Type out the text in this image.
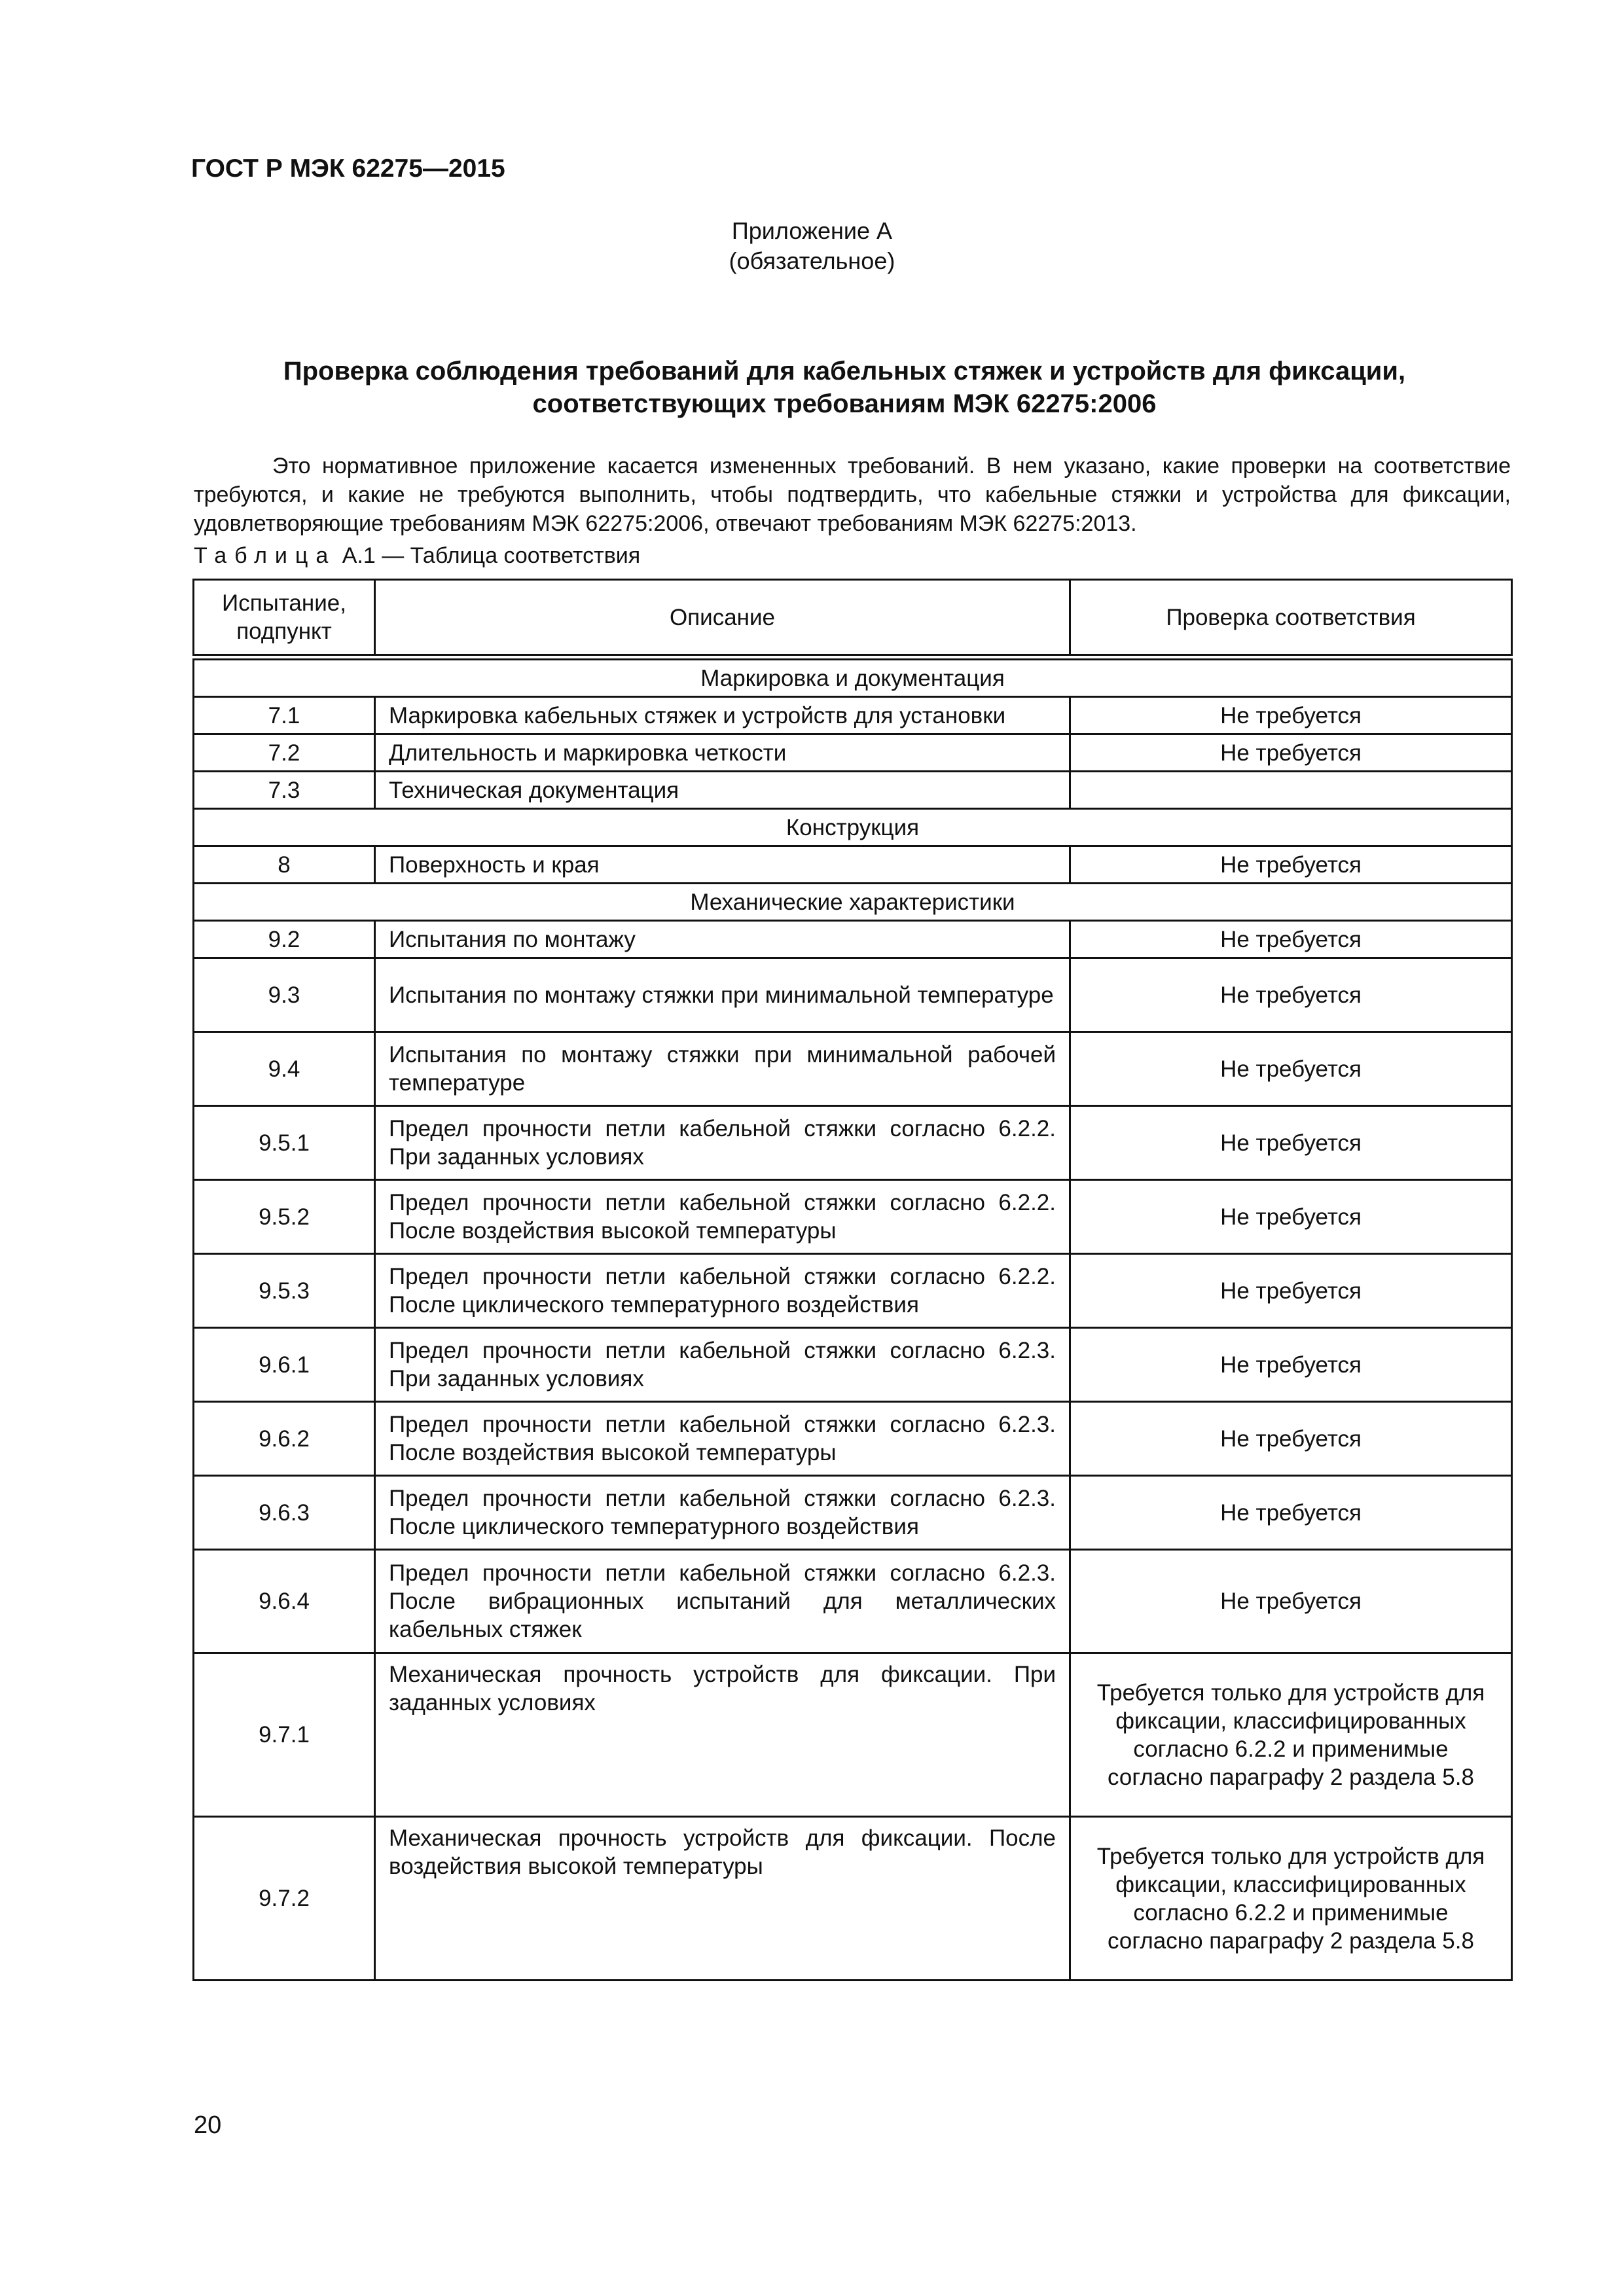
ГОСТ Р МЭК 62275—2015
Приложение А
(обязательное)
Проверка соблюдения требований для кабельных стяжек и устройств для фиксации,
соответствующих требованиям МЭК 62275:2006
Это нормативное приложение касается измененных требований. В нем указано, какие проверки на соответствие требуются, и какие не требуются выполнить, чтобы подтвердить, что кабельные стяжки и устройства для фиксации, удовлетворяющие требованиям МЭК 62275:2006, отвечают требованиям МЭК 62275:2013.
Таблица А.1 — Таблица соответствия
Испытание, подпункт	Описание	Проверка соответствия

Маркировка и документация		
7.1	Маркировка кабельных стяжек и устройств для установки	Не требуется
7.2	Длительность и маркировка четкости	Не требуется
7.3	Техническая документация	
Конструкция		
8	Поверхность и края	Не требуется
Механические характеристики		
9.2	Испытания по монтажу	Не требуется
9.3	Испытания по монтажу стяжки при минимальной температуре	Не требуется
9.4	Испытания по монтажу стяжки при минимальной рабочей температуре	Не требуется
9.5.1	Предел прочности петли кабельной стяжки согласно 6.2.2. При заданных условиях	Не требуется
9.5.2	Предел прочности петли кабельной стяжки согласно 6.2.2. После воздействия высокой температуры	Не требуется
9.5.3	Предел прочности петли кабельной стяжки согласно 6.2.2. После циклического температурного воздействия	Не требуется
9.6.1	Предел прочности петли кабельной стяжки согласно 6.2.3. При заданных условиях	Не требуется
9.6.2	Предел прочности петли кабельной стяжки согласно 6.2.3. После воздействия высокой температуры	Не требуется
9.6.3	Предел прочности петли кабельной стяжки согласно 6.2.3. После циклического температурного воздействия	Не требуется
9.6.4	Предел прочности петли кабельной стяжки согласно 6.2.3. После вибрационных испытаний для металлических кабельных стяжек	Не требуется
9.7.1	Механическая прочность устройств для фиксации. При заданных условиях	Требуется только для устройств для фиксации, классифицированных согласно 6.2.2 и применимые согласно параграфу 2 раздела 5.8
9.7.2	Механическая прочность устройств для фиксации. После воздействия высокой температуры	Требуется только для устройств для фиксации, классифицированных согласно 6.2.2 и применимые согласно параграфу 2 раздела 5.8
20
